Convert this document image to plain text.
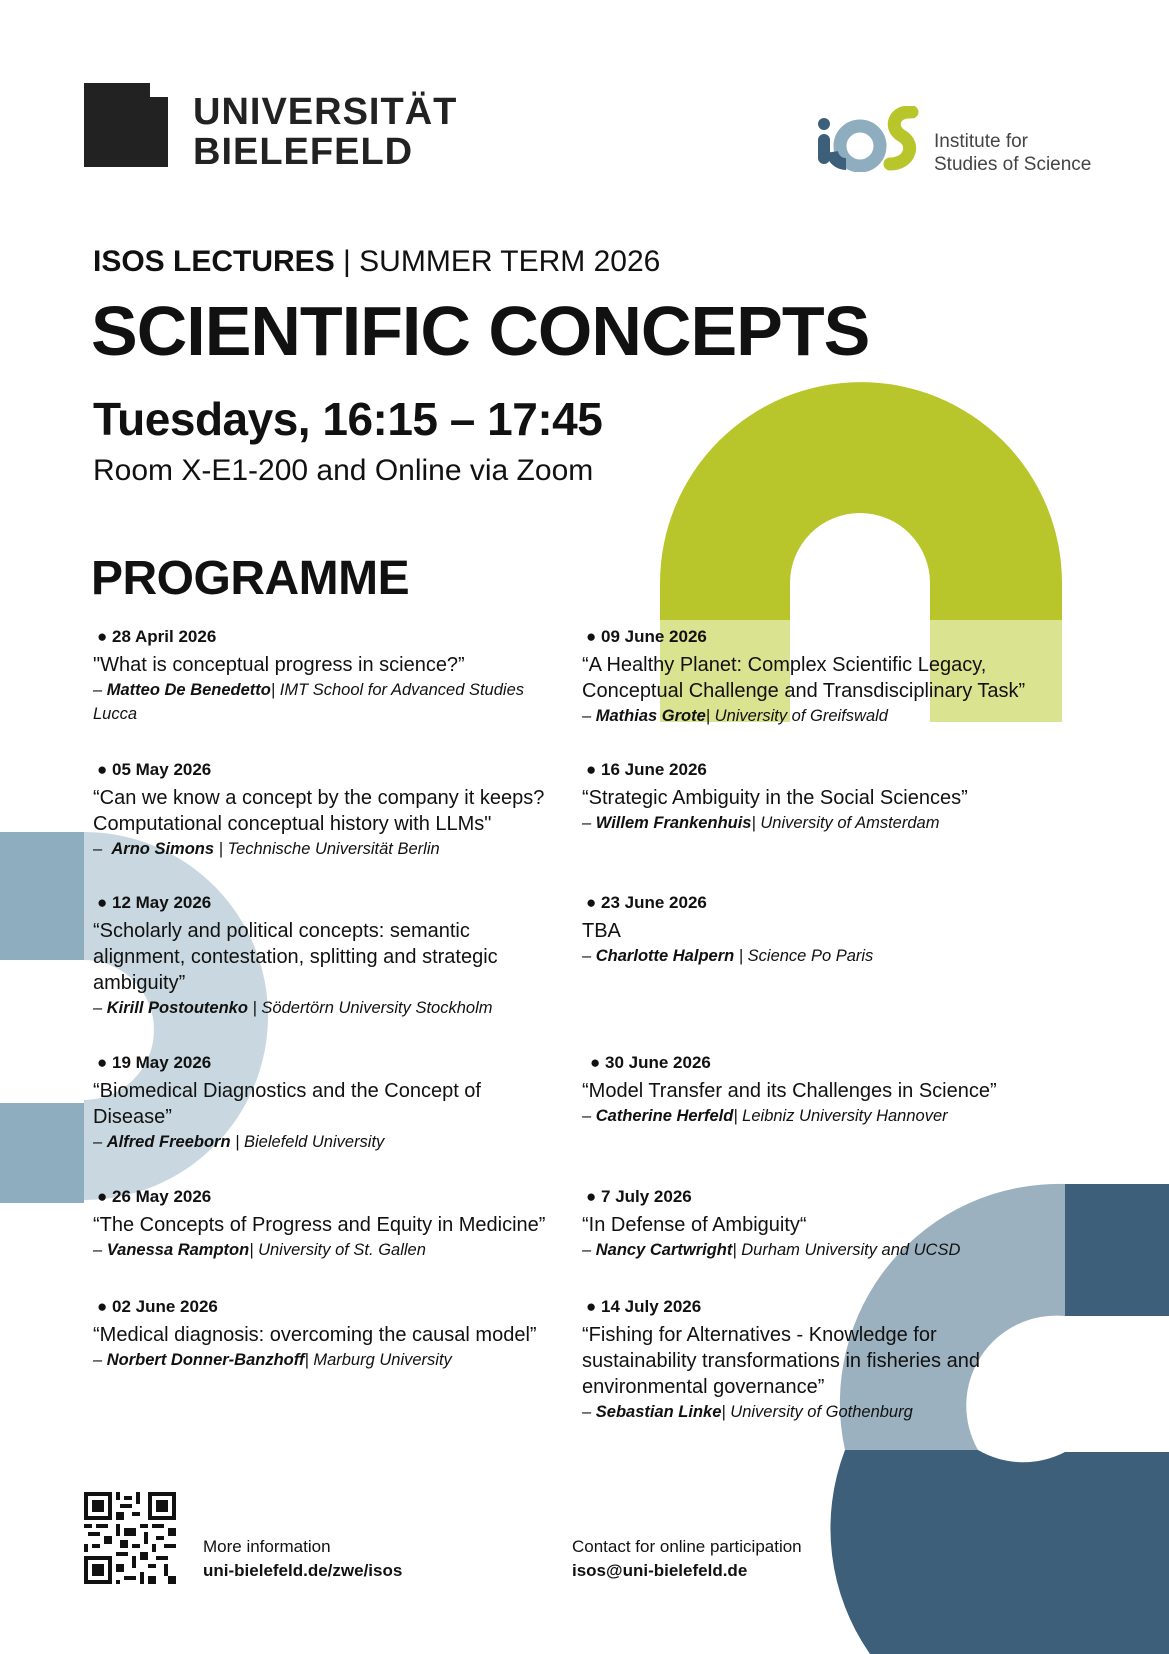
UNIVERSITÄT
BIELEFELD	Institute for
Studies of Science
ISOS LECTURES | SUMMER TERM 2026
SCIENTIFIC CONCEPTS
Tuesdays, 16:15 – 17:45
Room X-E1-200 and Online via Zoom
PROGRAMME
● 28 April 2026
"What is conceptual progress in science?”
– Matteo De Benedetto| IMT School for Advanced Studies Lucca
● 05 May 2026
“Can we know a concept by the company it keeps? Computational conceptual history with LLMs"
–  Arno Simons | Technische Universität Berlin
● 12 May 2026
“Scholarly and political concepts: semantic alignment, contestation, splitting and strategic ambiguity”
– Kirill Postoutenko | Södertörn University Stockholm
● 19 May 2026
“Biomedical Diagnostics and the Concept of Disease”
– Alfred Freeborn | Bielefeld University
● 26 May 2026
“The Concepts of Progress and Equity in Medicine”
– Vanessa Rampton| University of St. Gallen
● 02 June 2026
“Medical diagnosis: overcoming the causal model”
– Norbert Donner-Banzhoff| Marburg University
● 09 June 2026
“A Healthy Planet: Complex Scientific Legacy, Conceptual Challenge and Transdisciplinary Task”
– Mathias Grote| University of Greifswald
● 16 June 2026
“Strategic Ambiguity in the Social Sciences”
– Willem Frankenhuis| University of Amsterdam
● 23 June 2026
TBA
– Charlotte Halpern | Science Po Paris
● 30 June 2026
“Model Transfer and its Challenges in Science”
– Catherine Herfeld| Leibniz University Hannover
● 7 July 2026
“In Defense of Ambiguity“
– Nancy Cartwright| Durham University and UCSD
● 14 July 2026
“Fishing for Alternatives - Knowledge for sustainability transformations in fisheries and environmental governance”
– Sebastian Linke| University of Gothenburg
More information
uni-bielefeld.de/zwe/isos
Contact for online participation
isos@uni-bielefeld.de
